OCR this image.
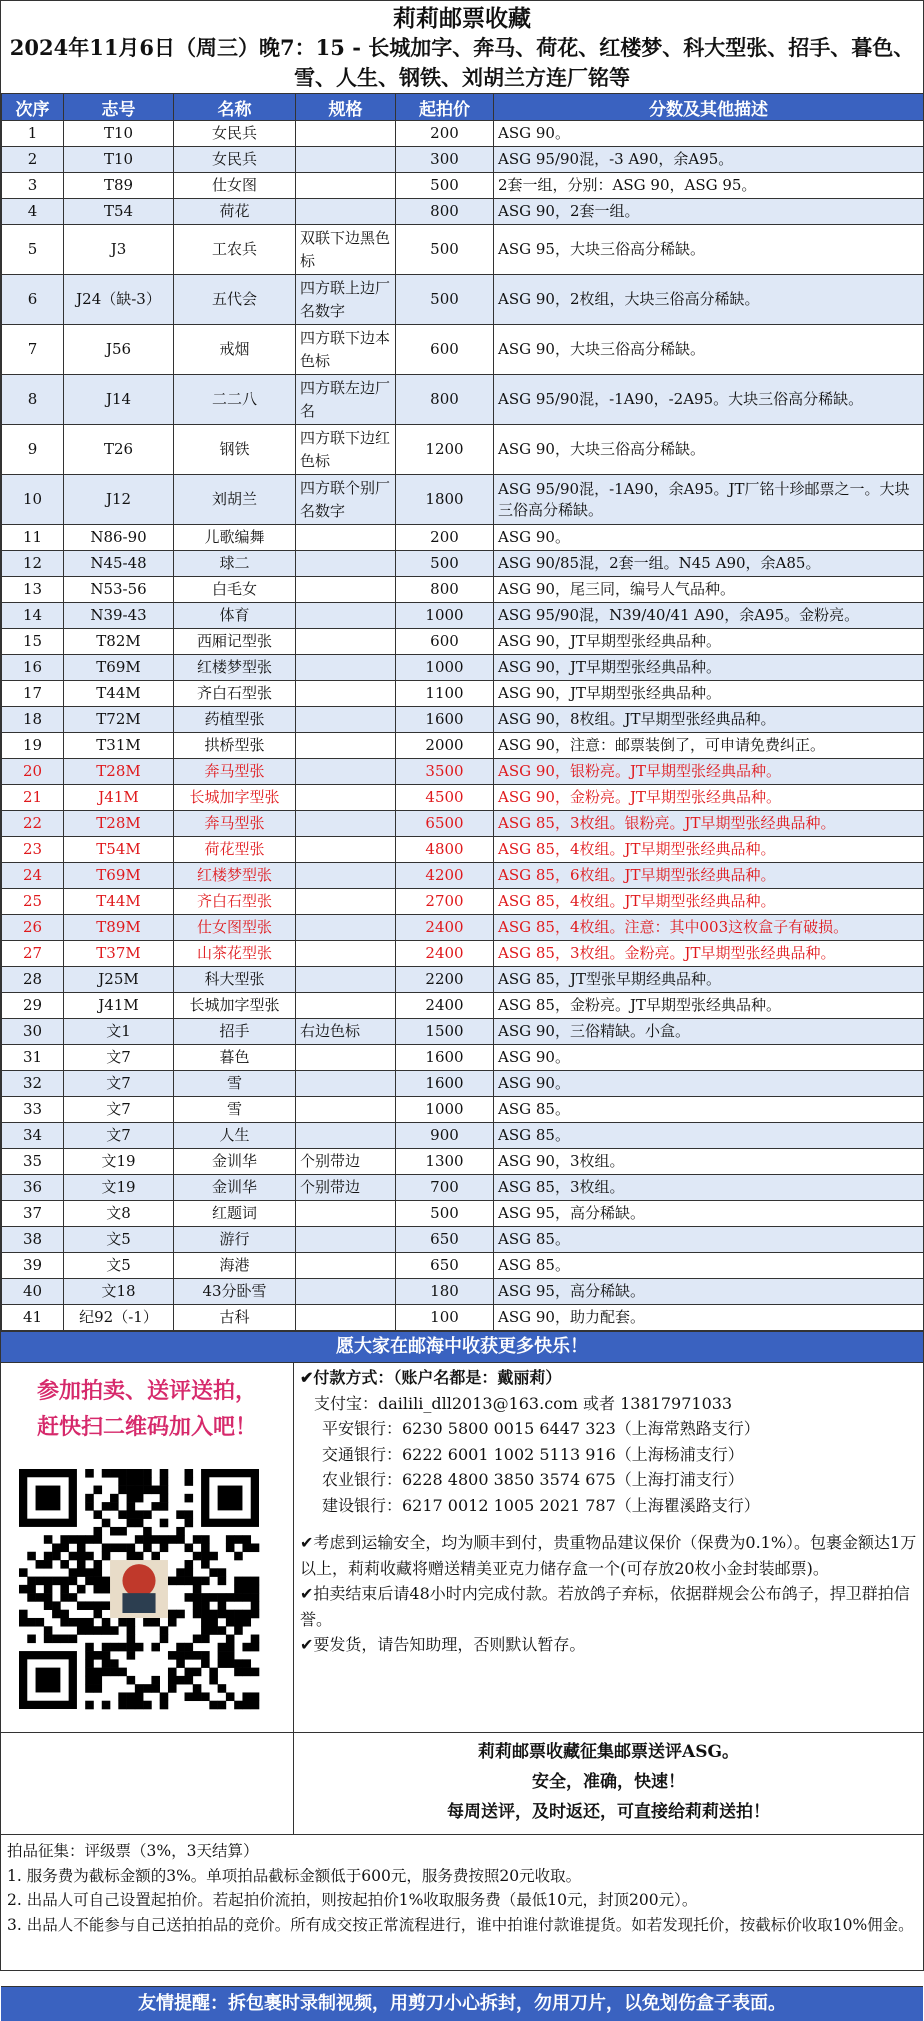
莉莉邮票收藏
2024年11月6日（周三）晚7：15 - 长城加字、奔马、荷花、红楼梦、科大型张、招手、暮色、雪、人生、钢铁、刘胡兰方连厂铭等
次序	志号	名称	规格	起拍价	分数及其他描述
1	T10	女民兵		200	ASG 90。
2	T10	女民兵		300	ASG 95/90混，-3 A90，余A95。
3	T89	仕女图		500	2套一组，分别：ASG 90，ASG 95。
4	T54	荷花		800	ASG 90，2套一组。
5	J3	工农兵	双联下边黑色标	500	ASG 95，大块三俗高分稀缺。
6	J24（缺-3）	五代会	四方联上边厂名数字	500	ASG 90，2枚组，大块三俗高分稀缺。
7	J56	戒烟	四方联下边本色标	600	ASG 90，大块三俗高分稀缺。
8	J14	二二八	四方联左边厂名	800	ASG 95/90混，-1A90，-2A95。大块三俗高分稀缺。
9	T26	钢铁	四方联下边红色标	1200	ASG 90，大块三俗高分稀缺。
10	J12	刘胡兰	四方联个别厂名数字	1800	ASG 95/90混，-1A90，余A95。JT厂铭十珍邮票之一。大块三俗高分稀缺。
11	N86-90	儿歌编舞		200	ASG 90。
12	N45-48	球二		500	ASG 90/85混，2套一组。N45 A90，余A85。
13	N53-56	白毛女		800	ASG 90，尾三同，编号人气品种。
14	N39-43	体育		1000	ASG 95/90混，N39/40/41 A90，余A95。金粉亮。
15	T82M	西厢记型张		600	ASG 90，JT早期型张经典品种。
16	T69M	红楼梦型张		1000	ASG 90，JT早期型张经典品种。
17	T44M	齐白石型张		1100	ASG 90，JT早期型张经典品种。
18	T72M	药植型张		1600	ASG 90，8枚组。JT早期型张经典品种。
19	T31M	拱桥型张		2000	ASG 90，注意：邮票装倒了，可申请免费纠正。
20	T28M	奔马型张		3500	ASG 90，银粉亮。JT早期型张经典品种。
21	J41M	长城加字型张		4500	ASG 90，金粉亮。JT早期型张经典品种。
22	T28M	奔马型张		6500	ASG 85，3枚组。银粉亮。JT早期型张经典品种。
23	T54M	荷花型张		4800	ASG 85，4枚组。JT早期型张经典品种。
24	T69M	红楼梦型张		4200	ASG 85，6枚组。JT早期型张经典品种。
25	T44M	齐白石型张		2700	ASG 85，4枚组。JT早期型张经典品种。
26	T89M	仕女图型张		2400	ASG 85，4枚组。注意：其中003这枚盒子有破损。
27	T37M	山茶花型张		2400	ASG 85，3枚组。金粉亮。JT早期型张经典品种。
28	J25M	科大型张		2200	ASG 85，JT型张早期经典品种。
29	J41M	长城加字型张		2400	ASG 85，金粉亮。JT早期型张经典品种。
30	文1	招手	右边色标	1500	ASG 90，三俗精缺。小盒。
31	文7	暮色		1600	ASG 90。
32	文7	雪		1600	ASG 90。
33	文7	雪		1000	ASG 85。
34	文7	人生		900	ASG 85。
35	文19	金训华	个别带边	1300	ASG 90，3枚组。
36	文19	金训华	个别带边	700	ASG 85，3枚组。
37	文8	红题词		500	ASG 95，高分稀缺。
38	文5	游行		650	ASG 85。
39	文5	海港		650	ASG 85。
40	文18	43分卧雪		180	ASG 95，高分稀缺。
41	纪92（-1）	古科		100	ASG 90，助力配套。
愿大家在邮海中收获更多快乐！
参加拍卖、送评送拍，
赶快扫二维码加入吧！
✔付款方式：（账户名都是：戴丽莉）
支付宝：dailili_dll2013@163.com 或者 13817971033
平安银行：6230 5800 0015 6447 323（上海常熟路支行）
交通银行：6222 6001 1002 5113 916（上海杨浦支行）
农业银行：6228 4800 3850 3574 675（上海打浦支行）
建设银行：6217 0012 1005 2021 787（上海瞿溪路支行）
✔考虑到运输安全，均为顺丰到付，贵重物品建议保价（保费为0.1%）。包裹金额达1万以上，莉莉收藏将赠送精美亚克力储存盒一个(可存放20枚小金封装邮票)。
✔拍卖结束后请48小时内完成付款。若放鸽子弃标，依据群规会公布鸽子，捍卫群拍信誉。
✔要发货，请告知助理，否则默认暂存。
莉莉邮票收藏征集邮票送评ASG。
安全，准确，快速！
每周送评，及时返还，可直接给莉莉送拍！
拍品征集：评级票（3%，3天结算）
1. 服务费为截标金额的3%。单项拍品截标金额低于600元，服务费按照20元收取。
2. 出品人可自己设置起拍价。若起拍价流拍，则按起拍价1%收取服务费（最低10元，封顶200元）。
3. 出品人不能参与自己送拍拍品的竞价。所有成交按正常流程进行，谁中拍谁付款谁提货。如若发现托价，按截标价收取10%佣金。
友情提醒：拆包裹时录制视频，用剪刀小心拆封，勿用刀片，以免划伤盒子表面。
